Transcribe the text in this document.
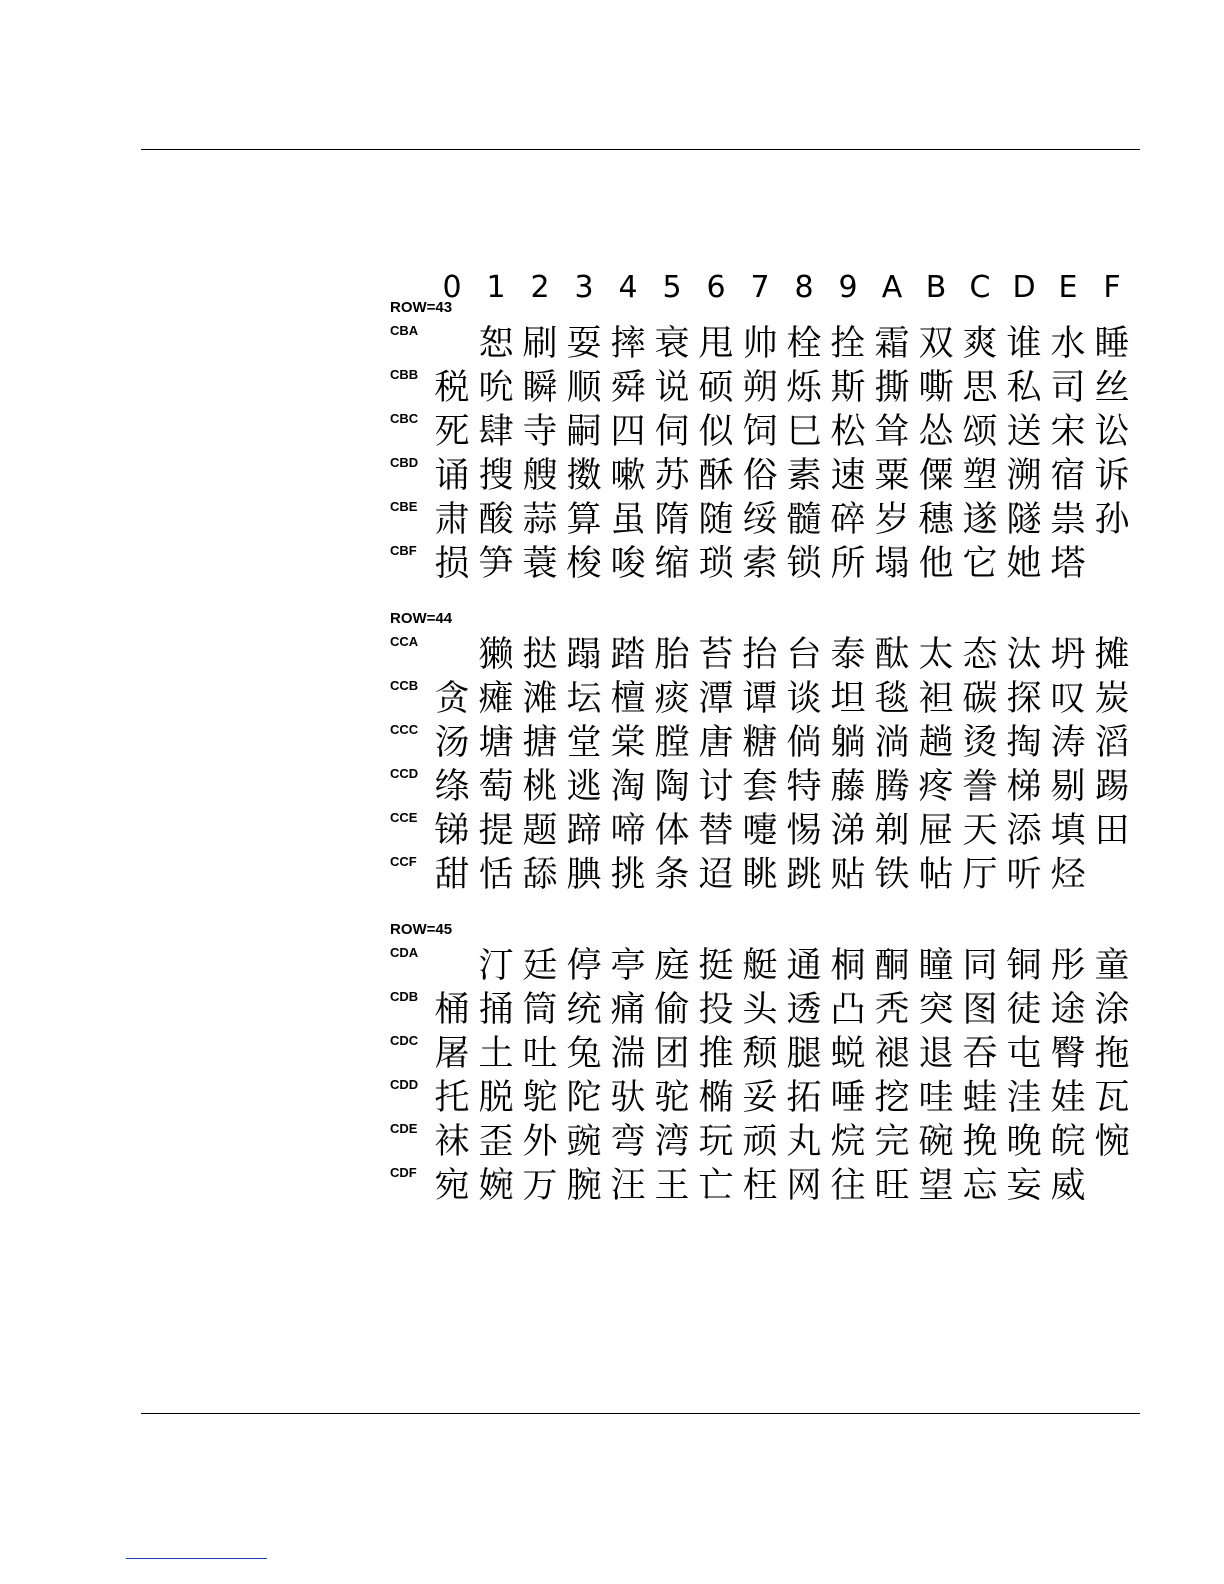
0 1 2 3 4 5 6 7 8 9 A B C D E F
ROW=43
CBA 恕 刷 耍 摔 衰 甩 帅 栓 拴 霜 双 爽 谁 水 睡
CBB 税 吮 瞬 顺 舜 说 硕 朔 烁 斯 撕 嘶 思 私 司 丝
CBC 死 肆 寺 嗣 四 伺 似 饲 巳 松 耸 怂 颂 送 宋 讼
CBD 诵 搜 艘 擞 嗽 苏 酥 俗 素 速 粟 僳 塑 溯 宿 诉
CBE 肃 酸 蒜 算 虽 隋 随 绥 髓 碎 岁 穗 遂 隧 祟 孙
CBF 损 笋 蓑 梭 唆 缩 琐 索 锁 所 塌 他 它 她 塔
ROW=44
CCA 獭 挞 蹋 踏 胎 苔 抬 台 泰 酞 太 态 汰 坍 摊
CCB 贪 瘫 滩 坛 檀 痰 潭 谭 谈 坦 毯 袒 碳 探 叹 炭
CCC 汤 塘 搪 堂 棠 膛 唐 糖 倘 躺 淌 趟 烫 掏 涛 滔
CCD 绦 萄 桃 逃 淘 陶 讨 套 特 藤 腾 疼 誊 梯 剔 踢
CCE 锑 提 题 蹄 啼 体 替 嚏 惕 涕 剃 屉 天 添 填 田
CCF 甜 恬 舔 腆 挑 条 迢 眺 跳 贴 铁 帖 厅 听 烃
ROW=45
CDA 汀 廷 停 亭 庭 挺 艇 通 桐 酮 瞳 同 铜 彤 童
CDB 桶 捅 筒 统 痛 偷 投 头 透 凸 秃 突 图 徒 途 涂
CDC 屠 土 吐 兔 湍 团 推 颓 腿 蜕 褪 退 吞 屯 臀 拖
CDD 托 脱 鸵 陀 驮 驼 椭 妥 拓 唾 挖 哇 蛙 洼 娃 瓦
CDE 袜 歪 外 豌 弯 湾 玩 顽 丸 烷 完 碗 挽 晚 皖 惋
CDF 宛 婉 万 腕 汪 王 亡 枉 网 往 旺 望 忘 妄 威
